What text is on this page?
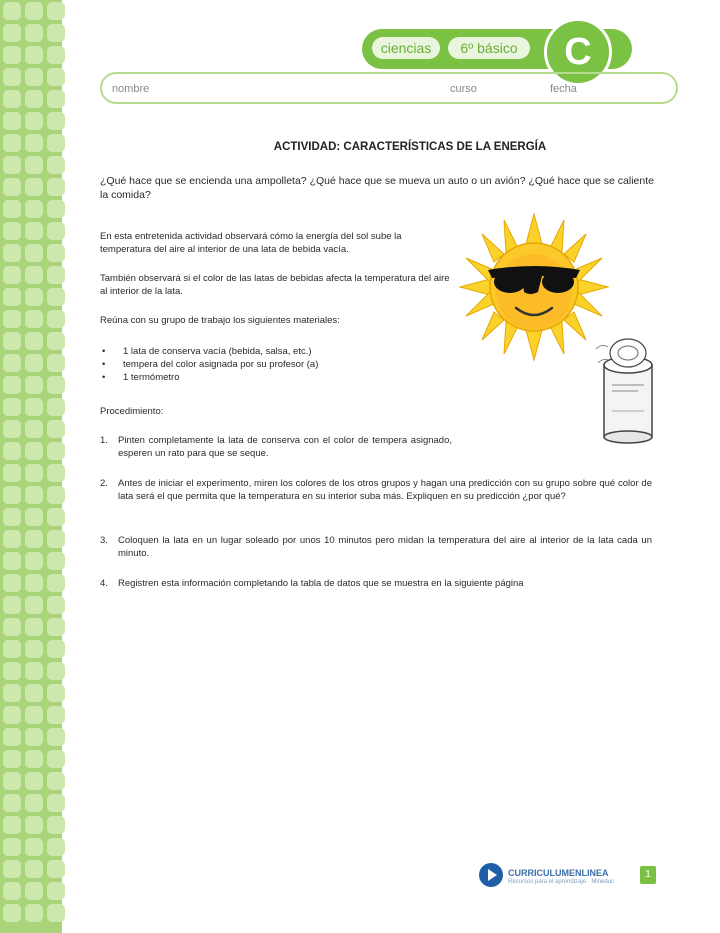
ciencias	6º básico	C
nombre	curso	fecha
ACTIVIDAD: CARACTERÍSTICAS DE LA ENERGÍA
¿Qué hace que se encienda una ampolleta? ¿Qué hace que se mueva un auto o un avión? ¿Qué hace que se caliente la comida?
En esta entretenida actividad observará cómo la energía del sol sube la temperatura del aire al interior de una lata de bebida vacía.
También observará si el color de las latas de bebidas afecta la temperatura del aire al interior de la lata.
Reúna con su grupo de trabajo los siguientes materiales:
• 1 lata de conserva vacía (bebida, salsa, etc.)
• tempera del color asignada por su profesor (a)
• 1 termómetro
Procedimiento:
1.	Pinten completamente la lata de conserva con el color de tempera asignado, esperen un rato para que se seque.
2.	Antes de iniciar el experimento, miren los colores de los otros grupos y hagan una predicción con su grupo sobre qué color de lata será el que permita que la temperatura en su interior suba más. Expliquen en su predicción ¿por qué?
3.	Coloquen la lata en un lugar soleado por unos 10 minutos pero midan la temperatura del aire al interior de la lata cada un minuto.
4.	Registren esta información completando la tabla de datos que se muestra en la siguiente página
CURRICULUMENLINEA
Recursos para el aprendizaje · Mineduc
1
